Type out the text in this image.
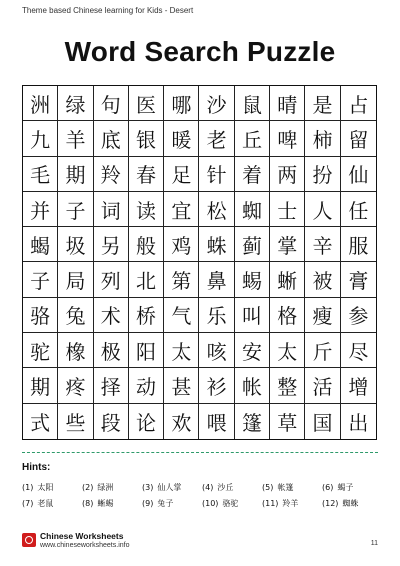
Theme based Chinese learning for Kids - Desert
Word Search Puzzle
洲 绿 句 医 哪 沙 鼠 晴 是 占
九 羊 底 银 暖 老 丘 啤 柿 留
毛 期 羚 春 足 针 着 两 扮 仙
并 子 词 读 宜 松 蜘 士 人 任
蝎 圾 另 般 鸡 蛛 蓟 掌 辛 服
子 局 列 北 第 鼻 蜴 蜥 被 膏
骆 兔 术 桥 气 乐 叫 格 瘦 参
驼 橡 极 阳 太 咳 安 太 斤 尽
期 疼 择 动 甚 衫 帐 整 活 增
式 些 段 论 欢 喂 篷 草 国 出
Hints:
(1) 太阳	(2) 绿洲	(3) 仙人掌	(4) 沙丘	(5) 帐篷	(6) 蝎子
(7) 老鼠	(8) 蜥蜴	(9) 兔子	(10) 骆驼	(11) 羚羊	(12) 蜘蛛
Chinese Worksheets
www.chineseworksheets.info	11
